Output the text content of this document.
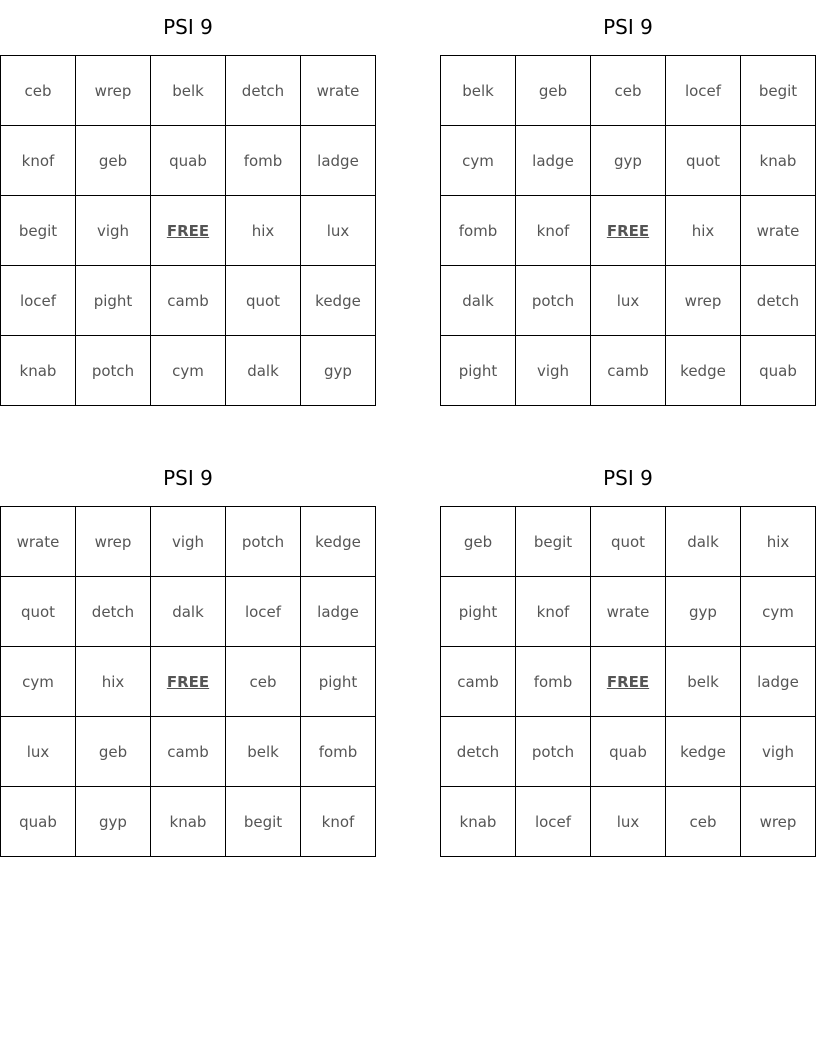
PSI 9
ceb	wrep	belk	detch	wrate
knof	geb	quab	fomb	ladge
begit	vigh	FREE	hix	lux
locef	pight	camb	quot	kedge
knab	potch	cym	dalk	gyp
PSI 9
belk	geb	ceb	locef	begit
cym	ladge	gyp	quot	knab
fomb	knof	FREE	hix	wrate
dalk	potch	lux	wrep	detch
pight	vigh	camb	kedge	quab
PSI 9
wrate	wrep	vigh	potch	kedge
quot	detch	dalk	locef	ladge
cym	hix	FREE	ceb	pight
lux	geb	camb	belk	fomb
quab	gyp	knab	begit	knof
PSI 9
geb	begit	quot	dalk	hix
pight	knof	wrate	gyp	cym
camb	fomb	FREE	belk	ladge
detch	potch	quab	kedge	vigh
knab	locef	lux	ceb	wrep
